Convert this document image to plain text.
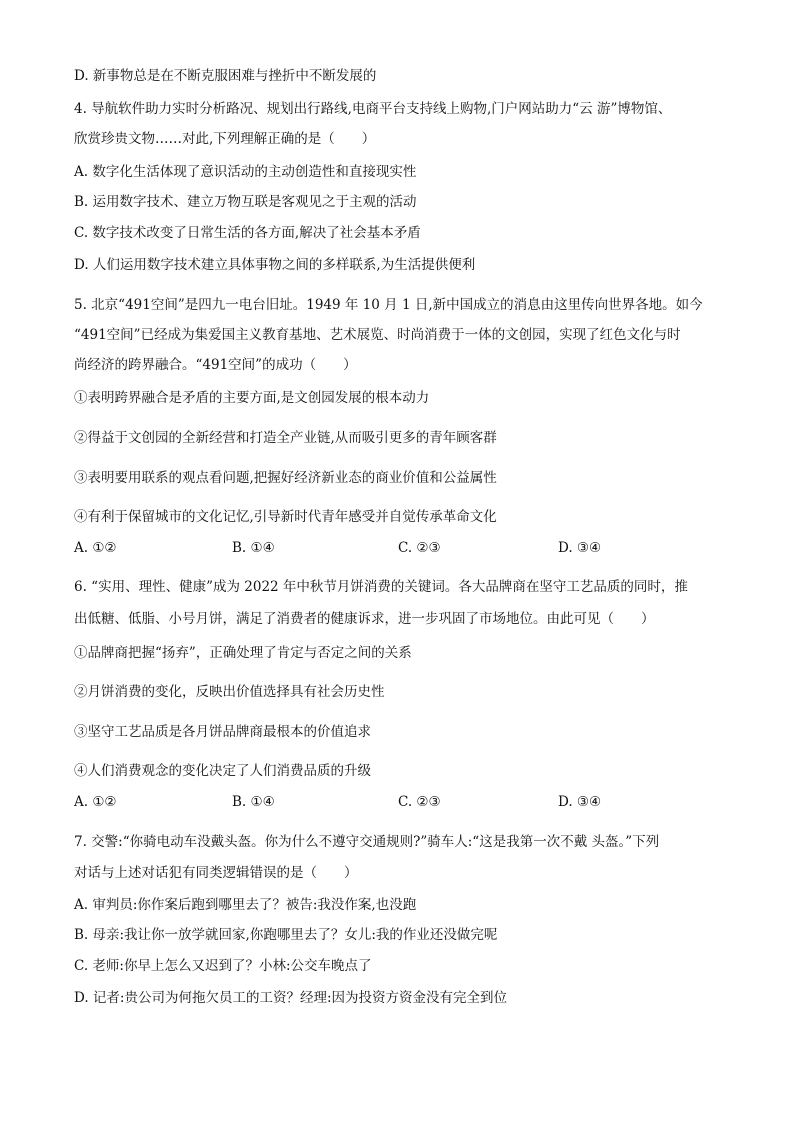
D. 新事物总是在不断克服困难与挫折中不断发展的
4. 导航软件助力实时分析路况、规划出行路线,电商平台支持线上购物,门户网站助力“云 游”博物馆、
欣赏珍贵文物……对此,下列理解正确的是（　　）
A. 数字化生活体现了意识活动的主动创造性和直接现实性
B. 运用数字技术、建立万物互联是客观见之于主观的活动
C. 数字技术改变了日常生活的各方面,解决了社会基本矛盾
D. 人们运用数字技术建立具体事物之间的多样联系,为生活提供便利
5. 北京“491空间”是四九一电台旧址。1949 年 10 月 1 日,新中国成立的消息由这里传向世界各地。如今
“491空间”已经成为集爱国主义教育基地、艺术展览、时尚消费于一体的文创园，实现了红色文化与时
尚经济的跨界融合。“491空间”的成功（　　）
①表明跨界融合是矛盾的主要方面,是文创园发展的根本动力
②得益于文创园的全新经营和打造全产业链,从而吸引更多的青年顾客群
③表明要用联系的观点看问题,把握好经济新业态的商业价值和公益属性
④有利于保留城市的文化记忆,引导新时代青年感受并自觉传承革命文化
A. ①②	B. ①④	C. ②③	D. ③④
6. “实用、理性、健康”成为 2022 年中秋节月饼消费的关键词。各大品牌商在坚守工艺品质的同时，推
出低糖、低脂、小号月饼，满足了消费者的健康诉求，进一步巩固了市场地位。由此可见（　　）
①品牌商把握“扬弃”，正确处理了肯定与否定之间的关系
②月饼消费的变化，反映出价值选择具有社会历史性
③坚守工艺品质是各月饼品牌商最根本的价值追求
④人们消费观念的变化决定了人们消费品质的升级
A. ①②	B. ①④	C. ②③	D. ③④
7. 交警:“你骑电动车没戴头盔。你为什么不遵守交通规则?”骑车人:“这是我第一次不戴 头盔。”下列
对话与上述对话犯有同类逻辑错误的是（　　）
A. 审判员:你作案后跑到哪里去了？被告:我没作案,也没跑
B. 母亲:我让你一放学就回家,你跑哪里去了？女儿:我的作业还没做完呢
C. 老师:你早上怎么又迟到了？小林:公交车晚点了
D. 记者:贵公司为何拖欠员工的工资？经理:因为投资方资金没有完全到位
